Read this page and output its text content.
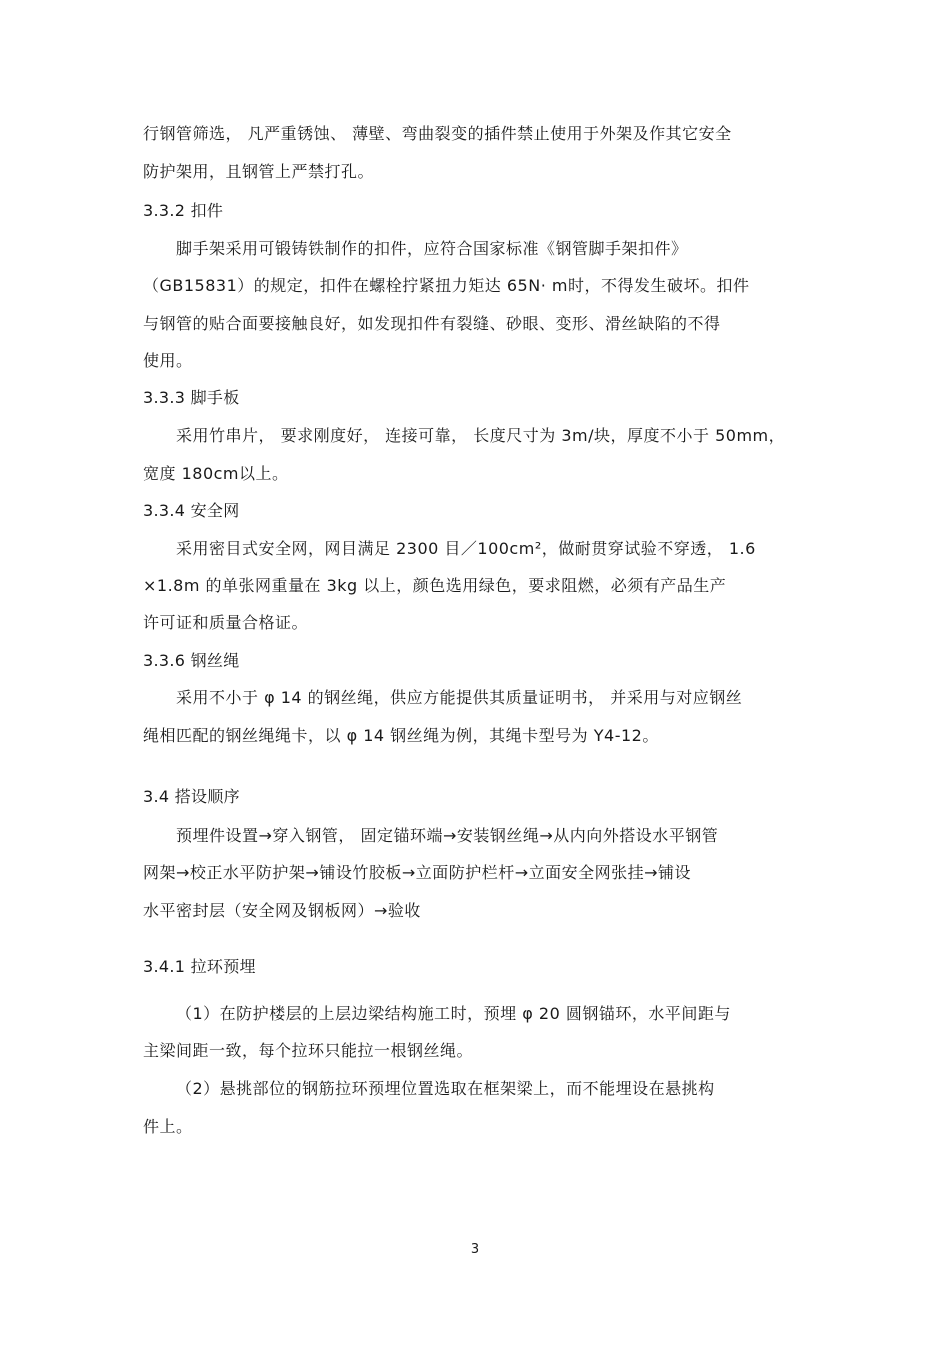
行钢管筛选， 凡严重锈蚀、 薄壁、弯曲裂变的插件禁止使用于外架及作其它安全
防护架用，且钢管上严禁打孔。
3.3.2 扣件
脚手架采用可锻铸铁制作的扣件，应符合国家标准《钢管脚手架扣件》
（GB15831）的规定，扣件在螺栓拧紧扭力矩达 65N· m时，不得发生破坏。扣件
与钢管的贴合面要接触良好，如发现扣件有裂缝、砂眼、变形、滑丝缺陷的不得
使用。
3.3.3 脚手板
采用竹串片， 要求刚度好， 连接可靠， 长度尺寸为 3m/块，厚度不小于 50mm，
宽度 180cm以上。
3.3.4 安全网
采用密目式安全网，网目满足 2300 目／100cm²，做耐贯穿试验不穿透， 1.6
×1.8m 的单张网重量在 3kg 以上，颜色选用绿色，要求阻燃，必须有产品生产
许可证和质量合格证。
3.3.6 钢丝绳
采用不小于 φ 14 的钢丝绳，供应方能提供其质量证明书， 并采用与对应钢丝
绳相匹配的钢丝绳绳卡，以 φ 14 钢丝绳为例，其绳卡型号为 Y4-12。
3.4 搭设顺序
预埋件设置→穿入钢管， 固定锚环端→安装钢丝绳→从内向外搭设水平钢管
网架→校正水平防护架→铺设竹胶板→立面防护栏杆→立面安全网张挂→铺设
水平密封层（安全网及钢板网）→验收
3.4.1 拉环预埋
（1）在防护楼层的上层边梁结构施工时，预埋 φ 20 圆钢锚环，水平间距与
主梁间距一致，每个拉环只能拉一根钢丝绳。
（2）悬挑部位的钢筋拉环预埋位置选取在框架梁上，而不能埋设在悬挑构
件上。
3
